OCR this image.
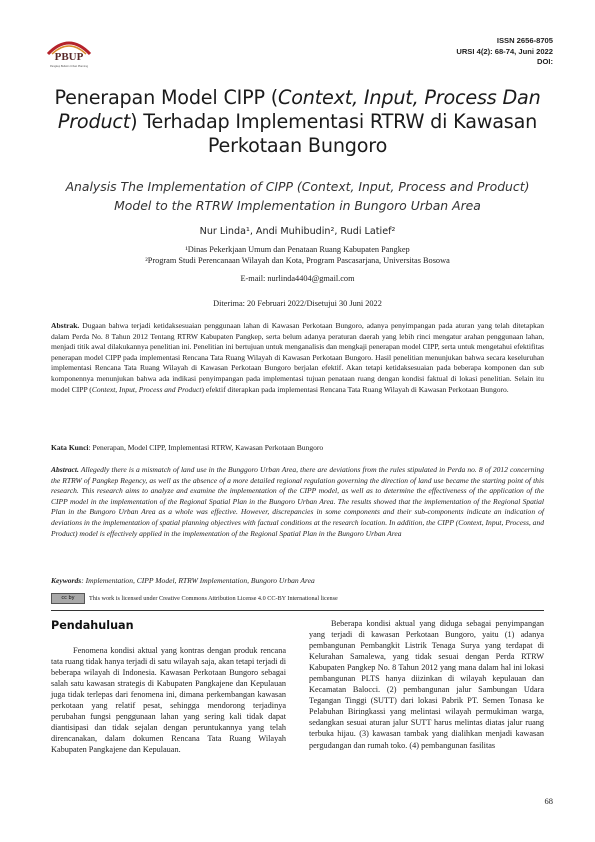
PBUP
Pangkep Bulletin Urban Planning
ISSN 2656-8705
URSI 4(2): 68-74, Juni 2022
DOI:
Penerapan Model CIPP (Context, Input, Process Dan
Product) Terhadap Implementasi RTRW di Kawasan
Perkotaan Bungoro
Analysis The Implementation of CIPP (Context, Input, Process and Product)
Model to the RTRW Implementation in Bungoro Urban Area
Nur Linda¹, Andi Muhibudin², Rudi Latief²
¹Dinas Pekerkjaan Umum dan Penataan Ruang Kabupaten Pangkep
²Program Studi Perencanaan Wilayah dan Kota, Program Pascasarjana, Universitas Bosowa
E-mail: nurlinda4404@gmail.com
Diterima: 20 Februari 2022/Disetujui 30 Juni 2022
Abstrak. Dugaan bahwa terjadi ketidaksesuaian penggunaan lahan di Kawasan Perkotaan Bungoro, adanya penyimpangan pada aturan yang telah ditetapkan dalam Perda No. 8 Tahun 2012 Tentang RTRW Kabupaten Pangkep, serta belum adanya peraturan daerah yang lebih rinci mengatur arahan penggunaan lahan, menjadi titik awal dilakukannya penelitian ini. Penelitian ini bertujuan untuk menganalisis dan mengkaji penerapan model CIPP, serta untuk mengetahui efektifitas penerapan model CIPP pada implementasi Rencana Tata Ruang Wilayah di Kawasan Perkotaan Bungoro. Hasil penelitian menunjukan bahwa secara keseluruhan implementasi Rencana Tata Ruang Wilayah di Kawasan Perkotaan Bungoro berjalan efektif. Akan tetapi ketidaksesuaian pada beberapa komponen dan sub komponennya menunjukan bahwa ada indikasi penyimpangan pada implementasi tujuan penataan ruang dengan kondisi faktual di lokasi penelitian. Selain itu model CIPP (Context, Input, Process and Product) efektif diterapkan pada implementasi Rencana Tata Ruang Wilayah di Kawasan Perkotaan Bungoro.
Kata Kunci: Penerapan, Model CIPP, Implementasi RTRW, Kawasan Perkotaan Bungoro
Abstract. Allegedly there is a mismatch of land use in the Bunggoro Urban Area, there are deviations from the rules stipulated in Perda no. 8 of 2012 concerning the RTRW of Pangkep Regency, as well as the absence of a more detailed regional regulation governing the direction of land use became the starting point of this research. This research aims to analyze and examine the implementation of the CIPP model, as well as to determine the effectiveness of the application of the CIPP model in the implementation of the Regional Spatial Plan in the Bungoro Urban Area. The results showed that the implementation of the Regional Spatial Plan in the Bungoro Urban Area as a whole was effective. However, discrepancies in some components and their sub-components indicate an indication of deviations in the implementation of spatial planning objectives with factual conditions at the research location. In addition, the CIPP (Context, Input, Process, and Product) model is effectively applied in the implementation of the Regional Spatial Plan in the Bungoro Urban Area
Keywords: Implementation, CIPP Model, RTRW Implementation, Bungoro Urban Area
cc by This work is licensed under Creative Commons Attribution License 4.0 CC-BY International license
Pendahuluan

Fenomena kondisi aktual yang kontras dengan produk rencana tata ruang tidak hanya terjadi di satu wilayah saja, akan tetapi terjadi di beberapa wilayah di Indonesia. Kawasan Perkotaan Bungoro sebagai salah satu kawasan strategis di Kabupaten Pangkajene dan Kepulauan juga tidak terlepas dari fenomena ini, dimana perkembangan kawasan perkotaan yang relatif pesat, sehingga mendorong terjadinya perubahan fungsi penggunaan lahan yang sering kali tidak dapat diantisipasi dan tidak sejalan dengan peruntukannya yang telah direncanakan, dalam dokumen Rencana Tata Ruang Wilayah Kabupaten Pangkajene dan Kepulauan.

Beberapa kondisi aktual yang diduga sebagai penyimpangan yang terjadi di kawasan Perkotaan Bungoro, yaitu (1) adanya pembangunan Pembangkit Listrik Tenaga Surya yang terdapat di Kelurahan Samalewa, yang tidak sesuai dengan Perda RTRW Kabupaten Pangkep No. 8 Tahun 2012 yang mana dalam hal ini lokasi pembangunan PLTS hanya diizinkan di wilayah kepulauan dan Kecamatan Balocci. (2) pembangunan jalur Sambungan Udara Tegangan Tinggi (SUTT) dari lokasi Pabrik PT. Semen Tonasa ke Pelabuhan Biringkassi yang melintasi wilayah permukiman warga, sedangkan sesuai aturan jalur SUTT harus melintas diatas jalur ruang terbuka hijau. (3) kawasan tambak yang dialihkan menjadi kawasan pergudangan dan rumah toko. (4) pembangunan fasilitas

68
